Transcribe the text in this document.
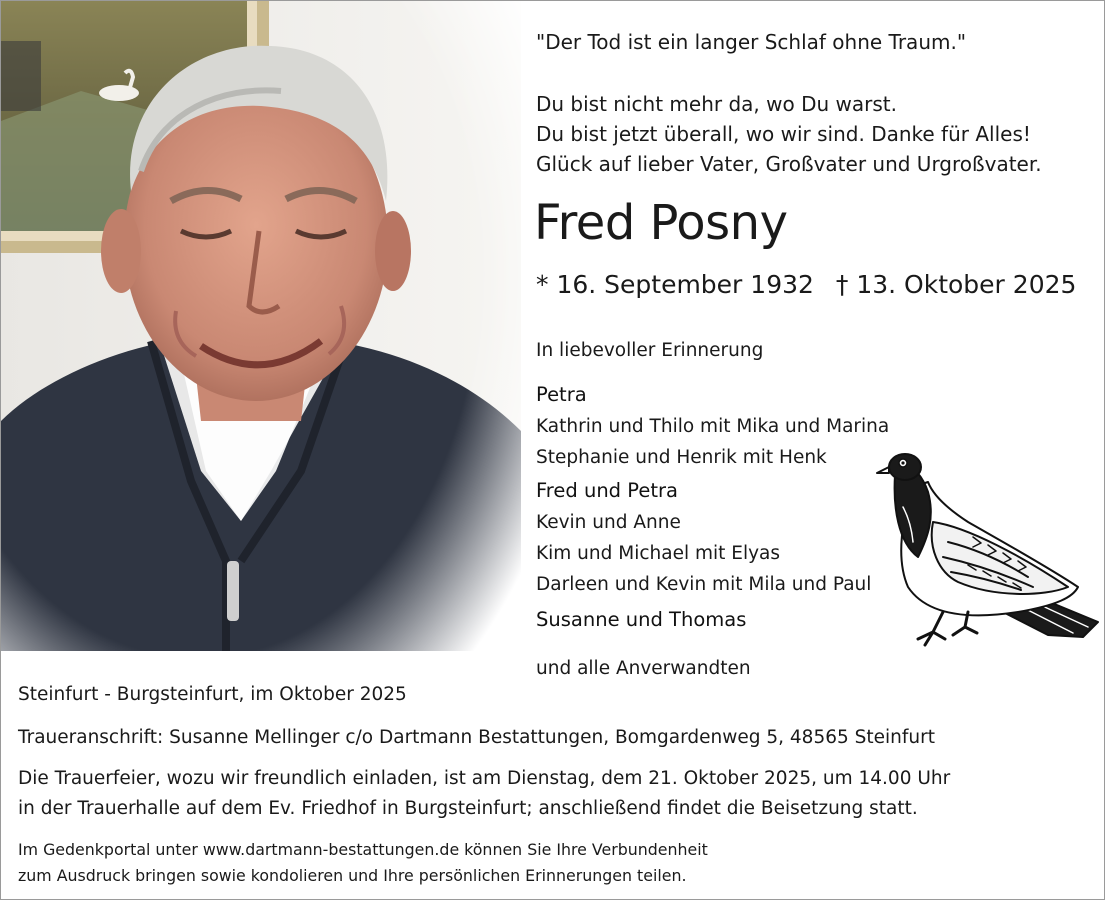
"Der Tod ist ein langer Schlaf ohne Traum."
Du bist nicht mehr da, wo Du warst.
Du bist jetzt überall, wo wir sind. Danke für Alles!
Glück auf lieber Vater, Großvater und Urgroßvater.
Fred Posny
* 16. September 1932 † 13. Oktober 2025
In liebevoller Erinnerung
Petra
Kathrin und Thilo mit Mika und Marina
Stephanie und Henrik mit Henk
Fred und Petra
Kevin und Anne
Kim und Michael mit Elyas
Darleen und Kevin mit Mila und Paul
Susanne und Thomas
und alle Anverwandten
Steinfurt - Burgsteinfurt, im Oktober 2025
Traueranschrift: Susanne Mellinger c/o Dartmann Bestattungen, Bomgardenweg 5, 48565 Steinfurt
Die Trauerfeier, wozu wir freundlich einladen, ist am Dienstag, dem 21. Oktober 2025, um 14.00 Uhr
in der Trauerhalle auf dem Ev. Friedhof in Burgsteinfurt; anschließend findet die Beisetzung statt.
Im Gedenkportal unter www.dartmann-bestattungen.de können Sie Ihre Verbundenheit
zum Ausdruck bringen sowie kondolieren und Ihre persönlichen Erinnerungen teilen.
